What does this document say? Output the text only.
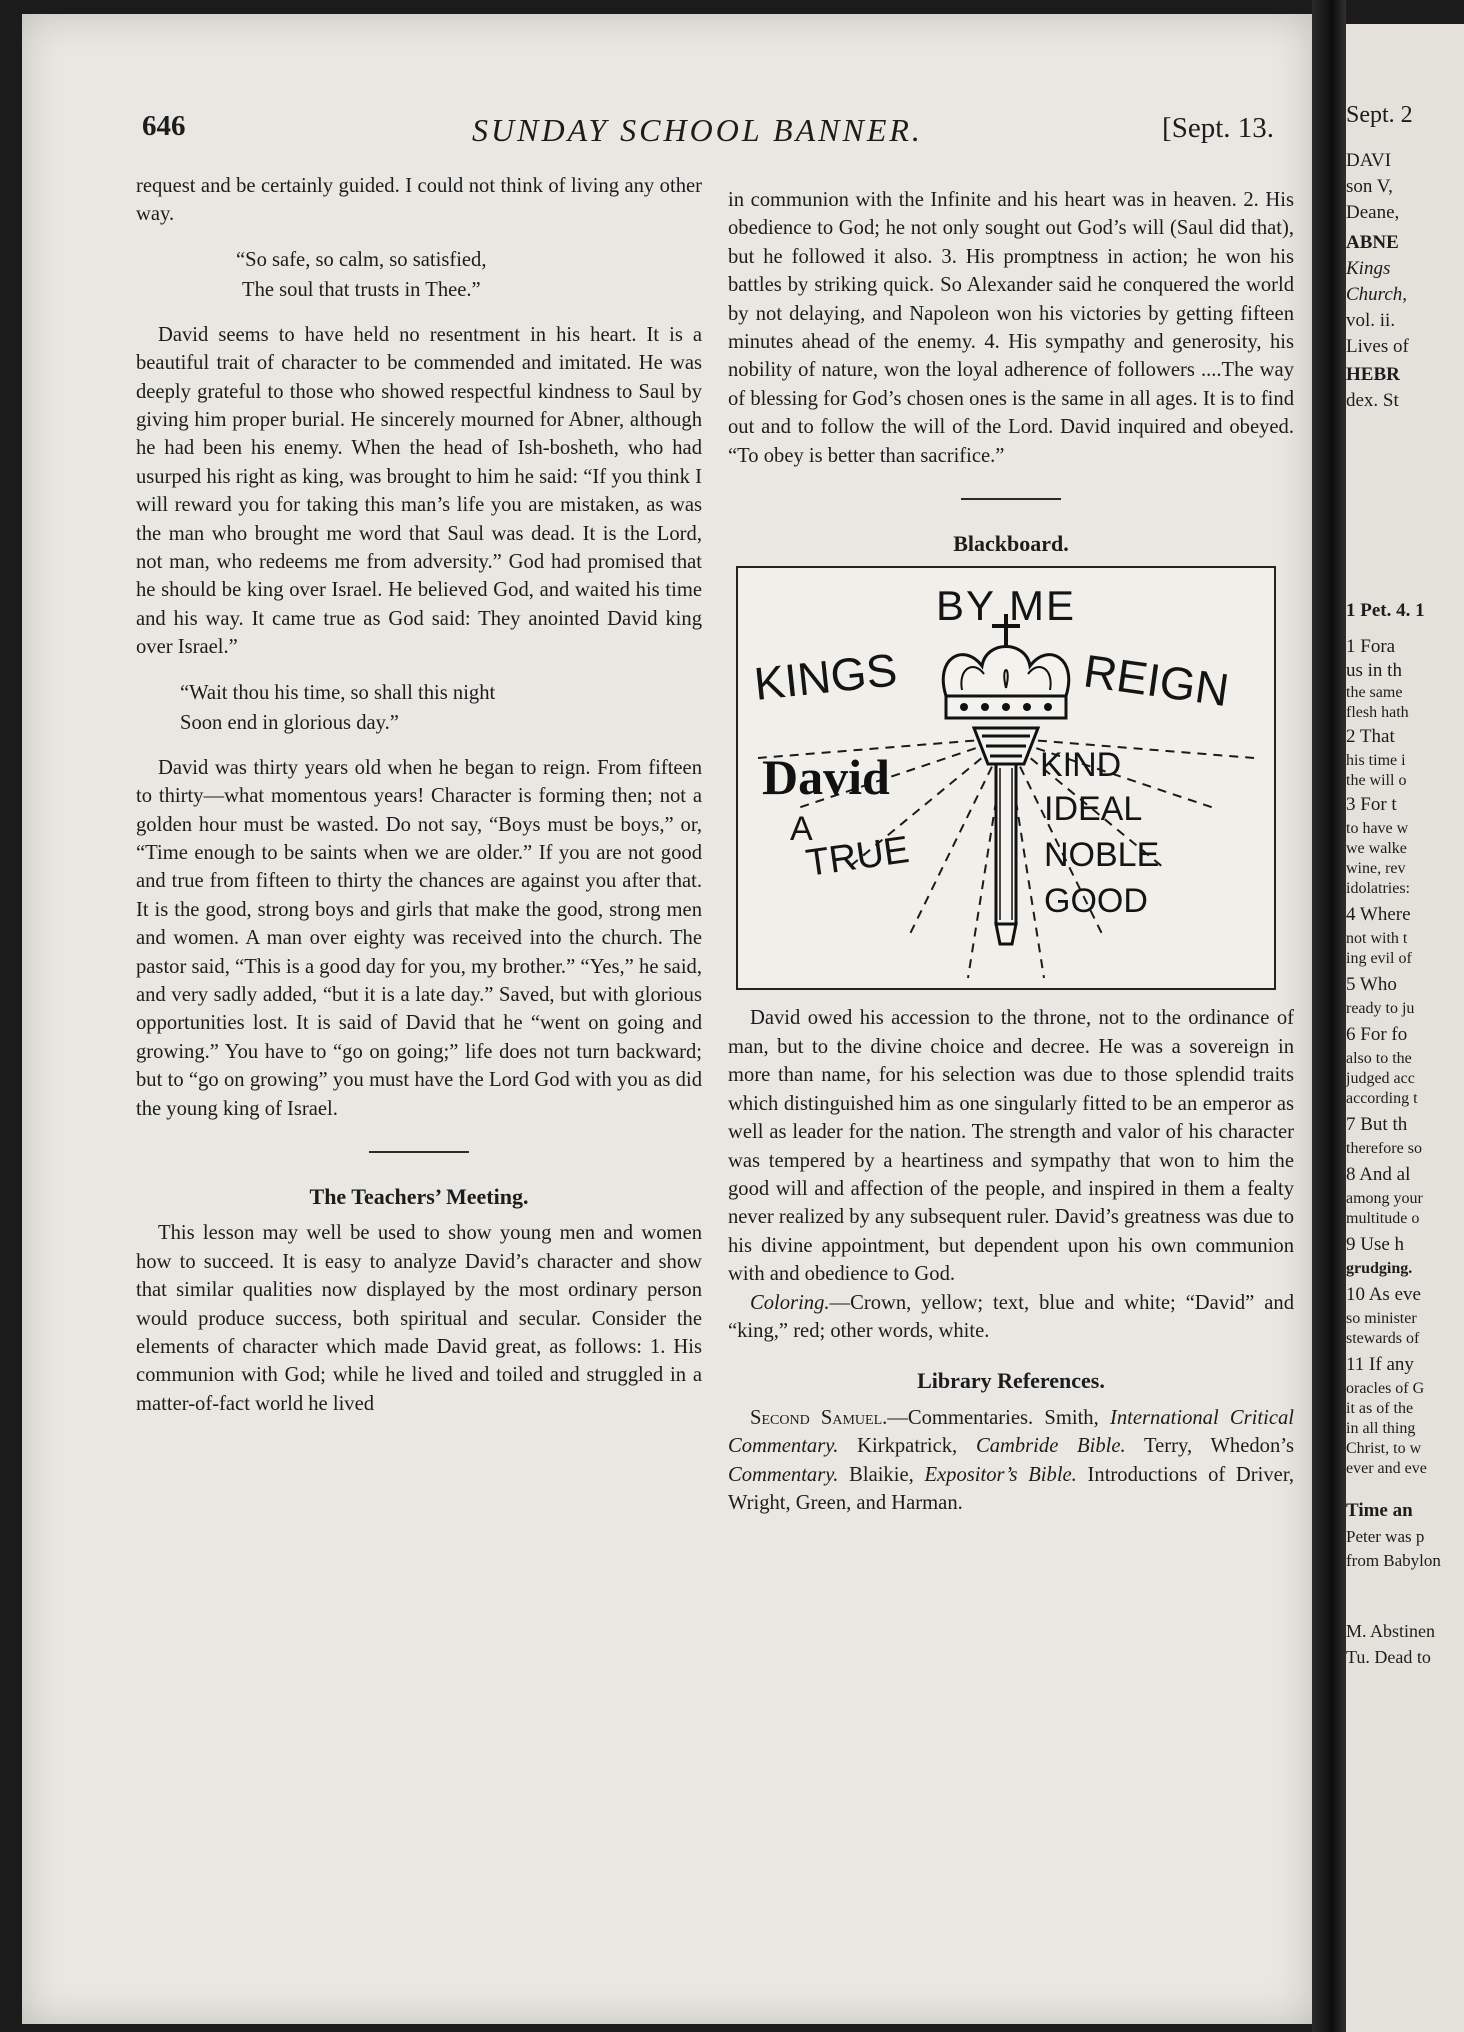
Sept. 2
DAVI
son V,
Deane,
ABNE
Kings
Church,
vol. ii.
Lives of
HEBR
dex. St
1 Pet. 4. 1
1 Fora
us in th
the same
flesh hath
2 That
his time i
the will o
3 For t
to have w
we walke
wine, rev
idolatries:
4 Where
not with t
ing evil of
5 Who
ready to ju
6 For fo
also to the
judged acc
according t
7 But th
therefore so
8 And al
among your
multitude o
9 Use h
grudging.
10 As eve
so minister
stewards of
11 If any
oracles of G
it as of the
in all thing
Christ, to w
ever and eve
Time an
Peter was p
from Babylon
M. Abstinen
Tu. Dead to
646	SUNDAY SCHOOL BANNER.	[Sept. 13.

request and be certainly guided. I could not think of living any other way.

“So safe, so calm, so satisfied,
The soul that trusts in Thee.”

David seems to have held no resentment in his heart. It is a beautiful trait of character to be commended and imitated. He was deeply grateful to those who showed respectful kindness to Saul by giving him proper burial. He sincerely mourned for Abner, although he had been his enemy. When the head of Ish-bosheth, who had usurped his right as king, was brought to him he said: “If you think I will reward you for taking this man’s life you are mistaken, as was the man who brought me word that Saul was dead. It is the Lord, not man, who redeems me from adversity.” God had promised that he should be king over Israel. He believed God, and waited his time and his way. It came true as God said: They anointed David king over Israel.”

“Wait thou his time, so shall this night
Soon end in glorious day.”

David was thirty years old when he began to reign. From fifteen to thirty—what momentous years! Character is forming then; not a golden hour must be wasted. Do not say, “Boys must be boys,” or, “Time enough to be saints when we are older.” If you are not good and true from fifteen to thirty the chances are against you after that. It is the good, strong boys and girls that make the good, strong men and women. A man over eighty was received into the church. The pastor said, “This is a good day for you, my brother.” “Yes,” he said, and very sadly added, “but it is a late day.” Saved, but with glorious opportunities lost. It is said of David that he “went on going and growing.” You have to “go on going;” life does not turn backward; but to “go on growing” you must have the Lord God with you as did the young king of Israel.

The Teachers’ Meeting.

This lesson may well be used to show young men and women how to succeed. It is easy to analyze David’s character and show that similar qualities now displayed by the most ordinary person would produce success, both spiritual and secular. Consider the elements of character which made David great, as follows: 1. His communion with God; while he lived and toiled and struggled in a matter-of-fact world he lived

in communion with the Infinite and his heart was in heaven. 2. His obedience to God; he not only sought out God’s will (Saul did that), but he followed it also. 3. His promptness in action; he won his battles by striking quick. So Alexander said he conquered the world by not delaying, and Napoleon won his victories by getting fifteen minutes ahead of the enemy. 4. His sympathy and generosity, his nobility of nature, won the loyal adherence of followers ....The way of blessing for God’s chosen ones is the same in all ages. It is to find out and to follow the will of the Lord. David inquired and obeyed. “To obey is better than sacrifice.”

Blackboard.
BY ME
KINGS	REIGN
David
A
TRUE
KIND
IDEAL
NOBLE
GOOD

David owed his accession to the throne, not to the ordinance of man, but to the divine choice and decree. He was a sovereign in more than name, for his selection was due to those splendid traits which distinguished him as one singularly fitted to be an emperor as well as leader for the nation. The strength and valor of his character was tempered by a heartiness and sympathy that won to him the good will and affection of the people, and inspired in them a fealty never realized by any subsequent ruler. David’s greatness was due to his divine appointment, but dependent upon his own communion with and obedience to God.

Coloring.—Crown, yellow; text, blue and white; “David” and “king,” red; other words, white.

Library References.

Second Samuel.—Commentaries. Smith, International Critical Commentary. Kirkpatrick, Cambride Bible. Terry, Whedon’s Commentary. Blaikie, Expositor’s Bible. Introductions of Driver, Wright, Green, and Harman.
